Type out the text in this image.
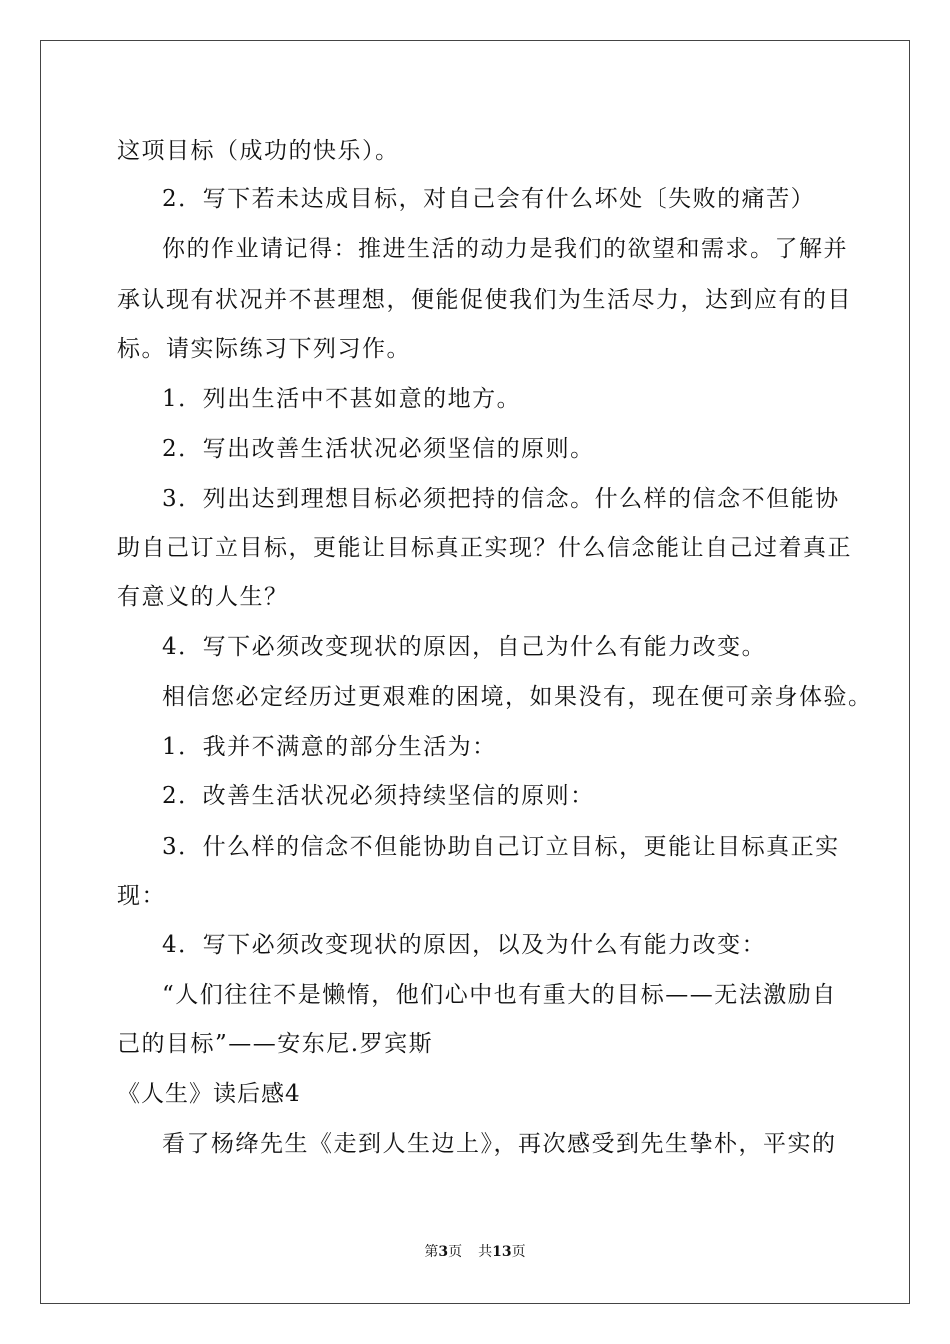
这项目标（成功的快乐）。
2．写下若未达成目标，对自己会有什么坏处〔失败的痛苦）
你的作业请记得：推进生活的动力是我们的欲望和需求。了解并
承认现有状况并不甚理想，便能促使我们为生活尽力，达到应有的目
标。请实际练习下列习作。
1．列出生活中不甚如意的地方。
2．写出改善生活状况必须坚信的原则。
3．列出达到理想目标必须把持的信念。什么样的信念不但能协
助自己订立目标，更能让目标真正实现？什么信念能让自己过着真正
有意义的人生？
4．写下必须改变现状的原因，自己为什么有能力改变。
相信您必定经历过更艰难的困境，如果没有，现在便可亲身体验。
1．我并不满意的部分生活为：
2．改善生活状况必须持续坚信的原则：
3．什么样的信念不但能协助自己订立目标，更能让目标真正实
现：
4．写下必须改变现状的原因，以及为什么有能力改变：
“人们往往不是懒惰，他们心中也有重大的目标——无法激励自
己的目标”——安东尼.罗宾斯
《人生》读后感4
看了杨绛先生《走到人生边上》，再次感受到先生挚朴，平实的
第3页 共13页
